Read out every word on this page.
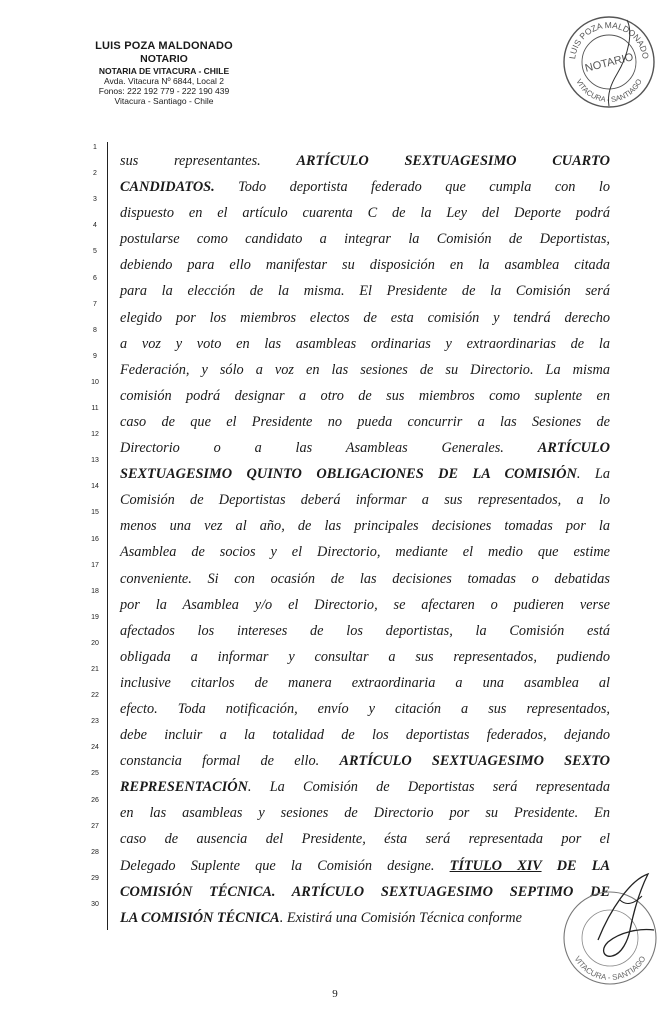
LUIS POZA MALDONADO
NOTARIO
NOTARIA DE VITACURA - CHILE
Avda. Vitacura Nº 6844, Local 2
Fonos: 222 192 779 - 222 190 439
Vitacura - Santiago - Chile
LUIS POZA MALDONADO
NOTARIO
VITACURA - SANTIAGO
1
2
3
4
5
6
7
8
9
10
11
12
13
14
15
16
17
18
19
20
21
22
23
24
25
26
27
28
29
30
sus representantes. ARTÍCULO SEXTUAGESIMO CUARTO
CANDIDATOS. Todo deportista federado que cumpla con lo
dispuesto en el artículo cuarenta C de la Ley del Deporte podrá
postularse como candidato a integrar la Comisión de Deportistas,
debiendo para ello manifestar su disposición en la asamblea citada
para la elección de la misma. El Presidente de la Comisión será
elegido por los miembros electos de esta comisión y tendrá derecho
a voz y voto en las asambleas ordinarias y extraordinarias de la
Federación, y sólo a voz en las sesiones de su Directorio. La misma
comisión podrá designar a otro de sus miembros como suplente en
caso de que el Presidente no pueda concurrir a las Sesiones de
Directorio o a las Asambleas Generales. ARTÍCULO
SEXTUAGESIMO QUINTO OBLIGACIONES DE LA COMISIÓN. La
Comisión de Deportistas deberá informar a sus representados, a lo
menos una vez al año, de las principales decisiones tomadas por la
Asamblea de socios y el Directorio, mediante el medio que estime
conveniente. Si con ocasión de las decisiones tomadas o debatidas
por la Asamblea y/o el Directorio, se afectaren o pudieren verse
afectados los intereses de los deportistas, la Comisión está
obligada a informar y consultar a sus representados, pudiendo
inclusive citarlos de manera extraordinaria a una asamblea al
efecto. Toda notificación, envío y citación a sus representados,
debe incluir a la totalidad de los deportistas federados, dejando
constancia formal de ello. ARTÍCULO SEXTUAGESIMO SEXTO
REPRESENTACIÓN. La Comisión de Deportistas será representada
en las asambleas y sesiones de Directorio por su Presidente. En
caso de ausencia del Presidente, ésta será representada por el
Delegado Suplente que la Comisión designe. TÍTULO XIV DE LA
COMISIÓN TÉCNICA. ARTÍCULO SEXTUAGESIMO SEPTIMO DE
LA COMISIÓN TÉCNICA. Existirá una Comisión Técnica conforme
VITACURA - SANTIAGO
9
